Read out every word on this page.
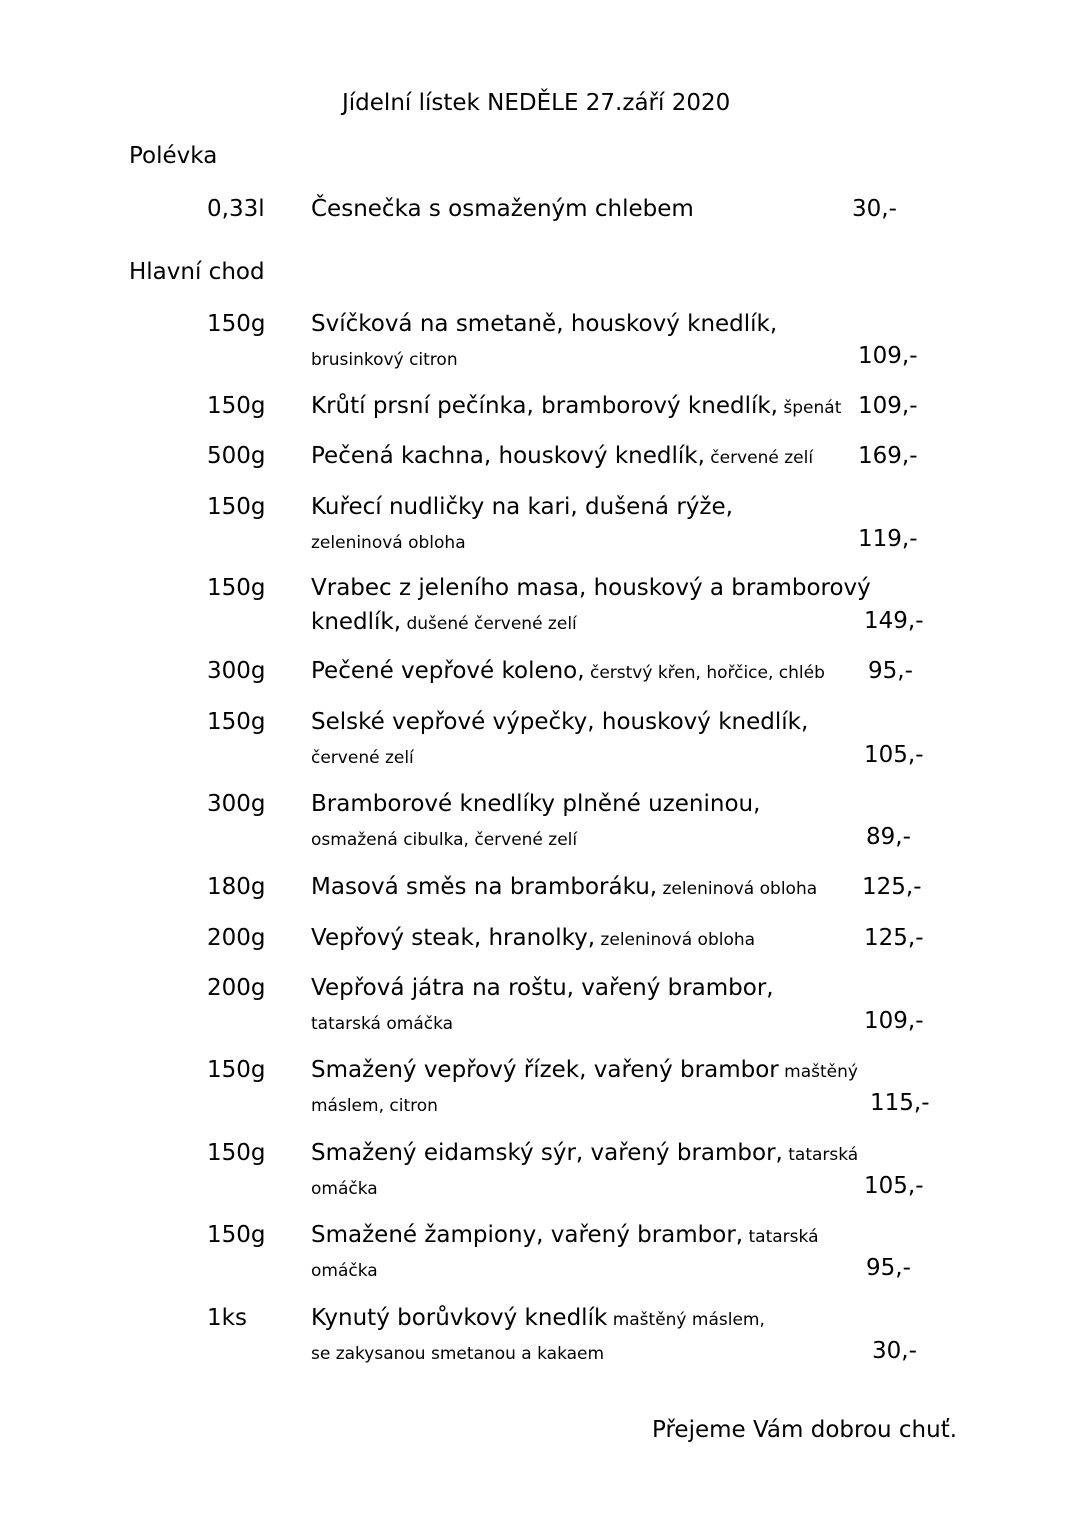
Jídelní lístek NEDĚLE 27.září 2020
Polévka
0,33l Česnečka s osmaženým chlebem	30,-
Hlavní chod
150g Svíčková na smetaně, houskový knedlík,
brusinkový citron	109,-
150g Krůtí prsní pečínka, bramborový knedlík, špenát 109,-
500g Pečená kachna, houskový knedlík, červené zelí 169,-
150g Kuřecí nudličky na kari, dušená rýže,
zeleninová obloha	119,-
150g Vrabec z jeleního masa, houskový a bramborový
knedlík, dušené červené zelí	149,-
300g Pečené vepřové koleno, čerstvý křen, hořčice, chléb 95,-
150g Selské vepřové výpečky, houskový knedlík,
červené zelí	105,-
300g Bramborové knedlíky plněné uzeninou,
osmažená cibulka, červené zelí	89,-
180g Masová směs na bramboráku, zeleninová obloha 125,-
200g Vepřový steak, hranolky, zeleninová obloha	125,-
200g Vepřová játra na roštu, vařený brambor,
tatarská omáčka	109,-
150g Smažený vepřový řízek, vařený brambor maštěný
máslem, citron	115,-
150g Smažený eidamský sýr, vařený brambor, tatarská
omáčka	105,-
150g Smažené žampiony, vařený brambor, tatarská
omáčka	95,-
1ks	Kynutý borůvkový knedlík maštěný máslem,
se zakysanou smetanou a kakaem	30,-
Přejeme Vám dobrou chuť.
